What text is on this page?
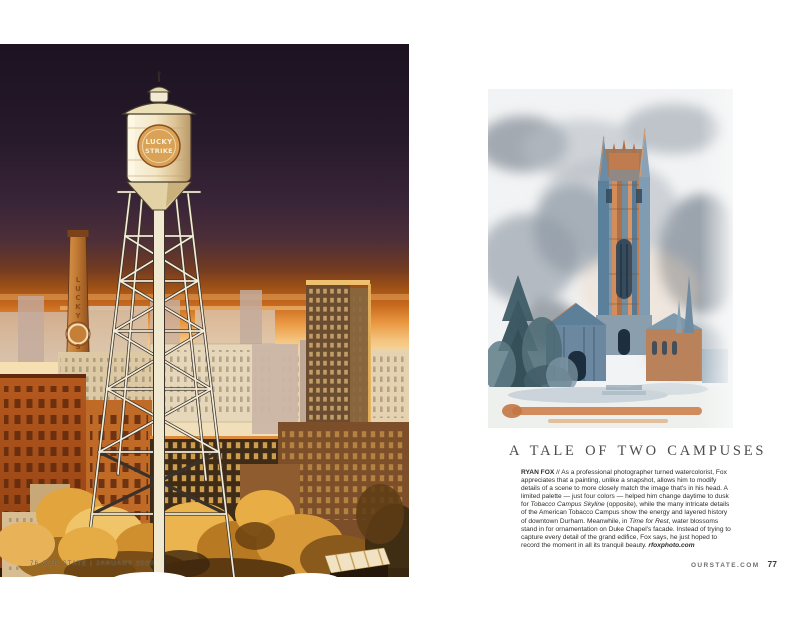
L U C K Y
S
LUCKY
STRIKE
76 OUR STATE | JANUARY 2020
A TALE OF TWO CAMPUSES
RYAN FOX // As a professional photographer turned watercolorist, Fox appreciates that a painting, unlike a snapshot, allows him to modify details of a scene to more closely match the image that's in his head. A limited palette — just four colors — helped him change daytime to dusk for Tobacco Campus Skyline (opposite), while the many intricate details of the American Tobacco Campus show the energy and layered history of downtown Durham. Meanwhile, in Time for Rest, water blossoms stand in for ornamentation on Duke Chapel's facade. Instead of trying to capture every detail of the grand edifice, Fox says, he just hoped to record the moment in all its tranquil beauty. rfoxphoto.com
OURSTATE.COM 77
